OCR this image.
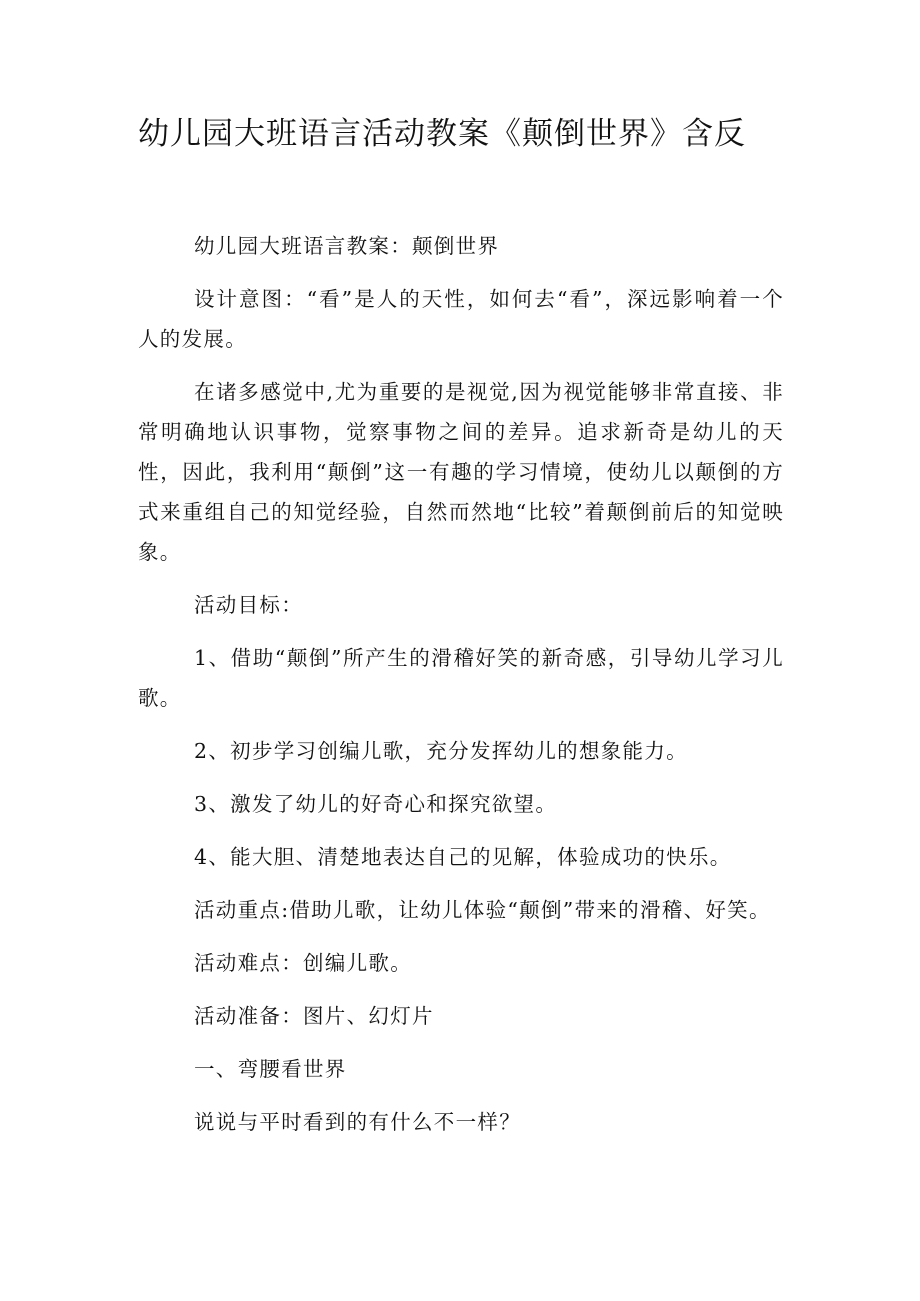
幼儿园大班语言活动教案《颠倒世界》含反

幼儿园大班语言教案：颠倒世界

设计意图：“看”是人的天性，如何去“看”，深远影响着一个人的发展。

在诸多感觉中,尤为重要的是视觉,因为视觉能够非常直接、非常明确地认识事物，觉察事物之间的差异。追求新奇是幼儿的天性，因此，我利用“颠倒”这一有趣的学习情境，使幼儿以颠倒的方式来重组自己的知觉经验，自然而然地“比较”着颠倒前后的知觉映象。

活动目标：

1、借助“颠倒”所产生的滑稽好笑的新奇感，引导幼儿学习儿歌。

2、初步学习创编儿歌，充分发挥幼儿的想象能力。

3、激发了幼儿的好奇心和探究欲望。

4、能大胆、清楚地表达自己的见解，体验成功的快乐。

活动重点:借助儿歌，让幼儿体验“颠倒”带来的滑稽、好笑。

活动难点：创编儿歌。

活动准备：图片、幻灯片

一、弯腰看世界

说说与平时看到的有什么不一样？
